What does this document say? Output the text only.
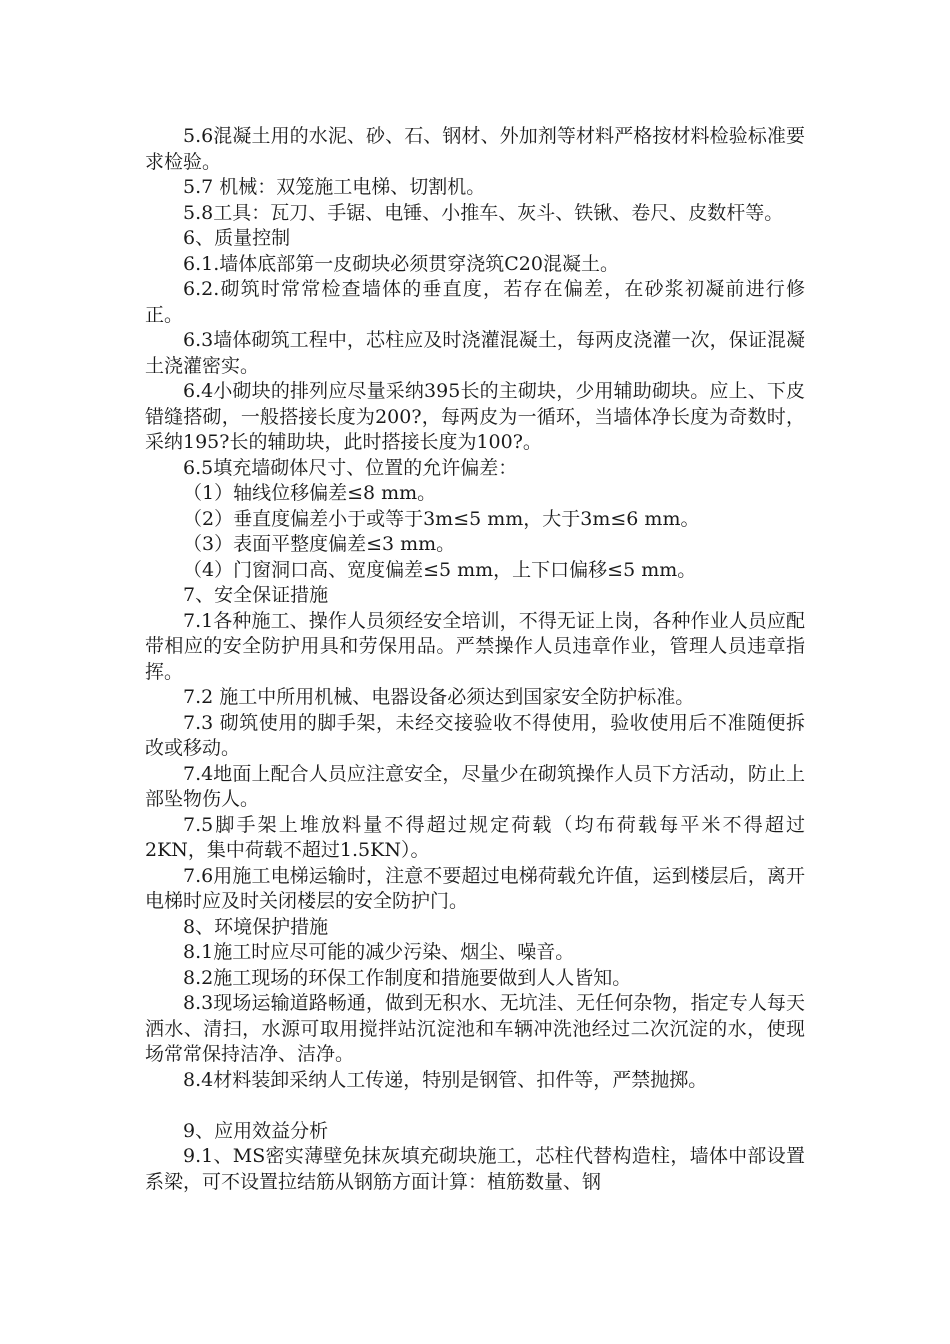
5.6混凝土用的水泥、砂、石、钢材、外加剂等材料严格按材料检验标准要求检验。

5.7 机械：双笼施工电梯、切割机。

5.8工具：瓦刀、手锯、电锤、小推车、灰斗、铁锹、卷尺、皮数杆等。

6、质量控制

6.1.墙体底部第一皮砌块必须贯穿浇筑C20混凝土。

6.2.砌筑时常常检查墙体的垂直度，若存在偏差，在砂浆初凝前进行修正。

6.3墙体砌筑工程中，芯柱应及时浇灌混凝土，每两皮浇灌一次，保证混凝土浇灌密实。

6.4小砌块的排列应尽量采纳395长的主砌块，少用辅助砌块。应上、下皮错缝搭砌，一般搭接长度为200?，每两皮为一循环，当墙体净长度为奇数时，采纳195?长的辅助块，此时搭接长度为100?。

6.5填充墙砌体尺寸、位置的允许偏差：

（1）轴线位移偏差≤8 mm。

（2）垂直度偏差小于或等于3m≤5 mm，大于3m≤6 mm。

（3）表面平整度偏差≤3 mm。

（4）门窗洞口高、宽度偏差≤5 mm，上下口偏移≤5 mm。

7、安全保证措施

7.1各种施工、操作人员须经安全培训，不得无证上岗，各种作业人员应配带相应的安全防护用具和劳保用品。严禁操作人员违章作业，管理人员违章指挥。

7.2 施工中所用机械、电器设备必须达到国家安全防护标准。

7.3 砌筑使用的脚手架，未经交接验收不得使用，验收使用后不准随便拆改或移动。

7.4地面上配合人员应注意安全，尽量少在砌筑操作人员下方活动，防止上部坠物伤人。

7.5脚手架上堆放料量不得超过规定荷载（均布荷载每平米不得超过2KN，集中荷载不超过1.5KN）。

7.6用施工电梯运输时，注意不要超过电梯荷载允许值，运到楼层后，离开电梯时应及时关闭楼层的安全防护门。

8、环境保护措施

8.1施工时应尽可能的减少污染、烟尘、噪音。

8.2施工现场的环保工作制度和措施要做到人人皆知。

8.3现场运输道路畅通，做到无积水、无坑洼、无任何杂物，指定专人每天洒水、清扫，水源可取用搅拌站沉淀池和车辆冲洗池经过二次沉淀的水，使现场常常保持洁净、洁净。

8.4材料装卸采纳人工传递，特别是钢管、扣件等，严禁抛掷。

9、应用效益分析

9.1、MS密实薄壁免抹灰填充砌块施工，芯柱代替构造柱，墙体中部设置系梁，可不设置拉结筋从钢筋方面计算：植筋数量、钢
